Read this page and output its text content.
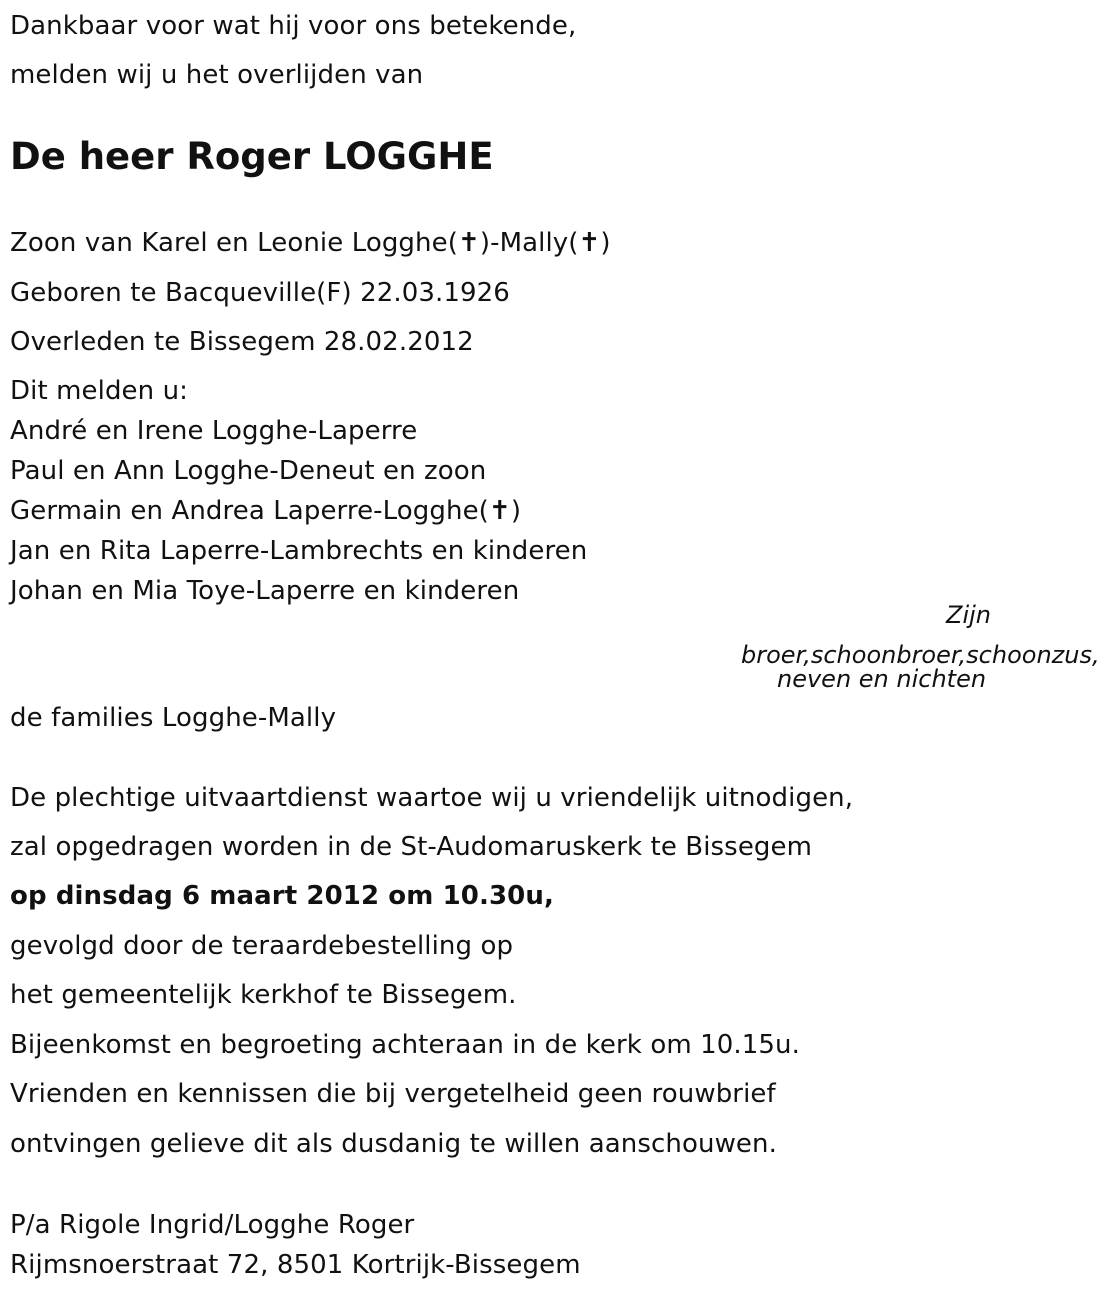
Dankbaar voor wat hij voor ons betekende,
melden wij u het overlijden van
De heer Roger LOGGHE
Zoon van Karel en Leonie Logghe(✝)-Mally(✝)
Geboren te Bacqueville(F) 22.03.1926
Overleden te Bissegem 28.02.2012
Dit melden u:
André en Irene Logghe-Laperre
Paul en Ann Logghe-Deneut en zoon
Germain en Andrea Laperre-Logghe(✝)
Jan en Rita Laperre-Lambrechts en kinderen
Johan en Mia Toye-Laperre en kinderen
Zijn
broer,schoonbroer,schoonzus,
neven en nichten
de families Logghe-Mally
De plechtige uitvaartdienst waartoe wij u vriendelijk uitnodigen,
zal opgedragen worden in de St-Audomaruskerk te Bissegem
op dinsdag 6 maart 2012 om 10.30u,
gevolgd door de teraardebestelling op
het gemeentelijk kerkhof te Bissegem.
Bijeenkomst en begroeting achteraan in de kerk om 10.15u.
Vrienden en kennissen die bij vergetelheid geen rouwbrief
ontvingen gelieve dit als dusdanig te willen aanschouwen.
P/a Rigole Ingrid/Logghe Roger
Rijmsnoerstraat 72, 8501 Kortrijk-Bissegem
